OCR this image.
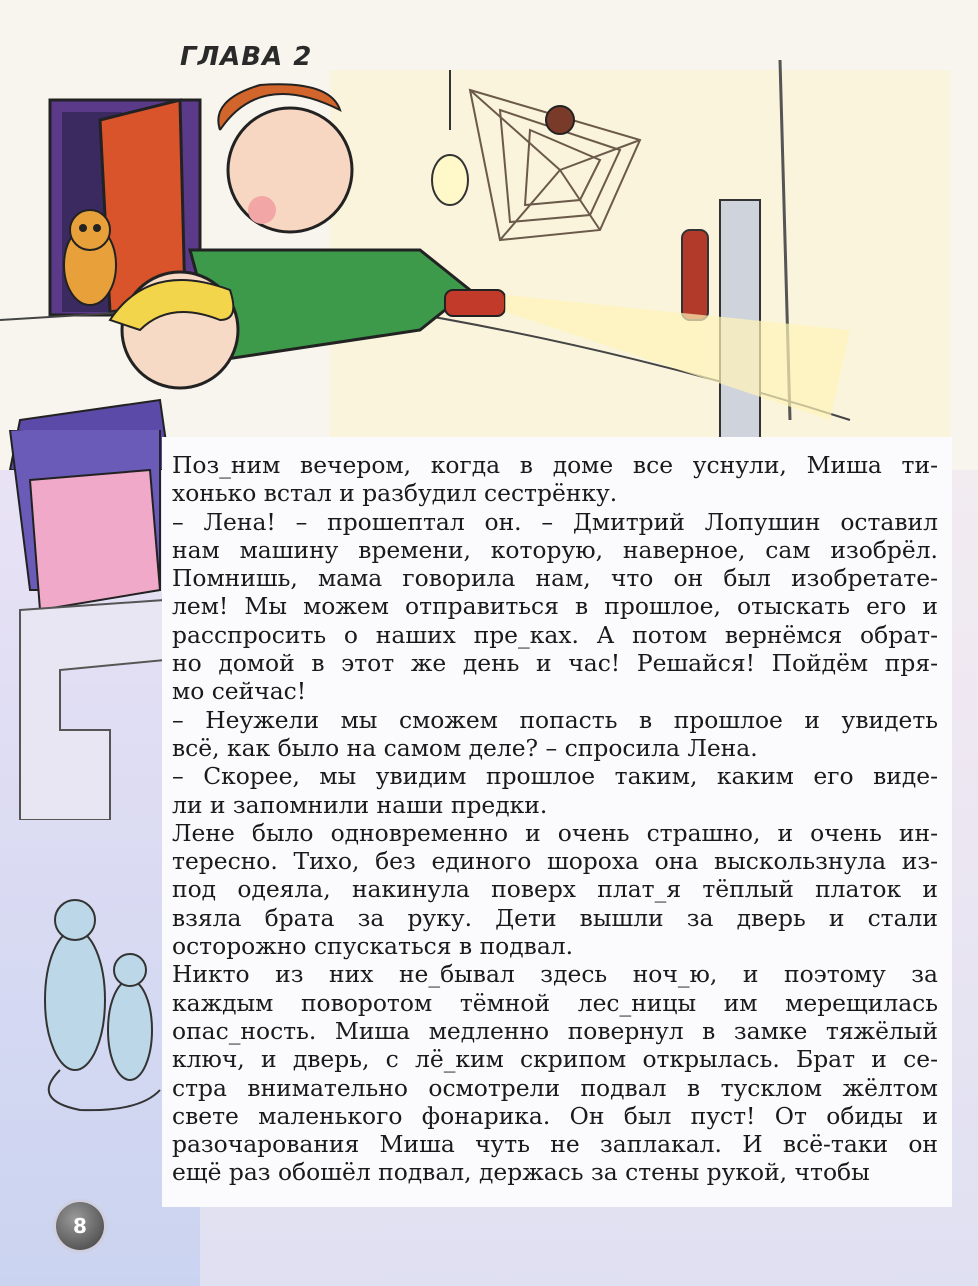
ГЛАВА 2
Поз_ним вечером, когда в доме все уснули, Миша ти-
хонько встал и разбудил сестрёнку.
– Лена! – прошептал он. – Дмитрий Лопушин оставил
нам машину времени, которую, наверное, сам изобрёл.
Помнишь, мама говорила нам, что он был изобретате-
лем! Мы можем отправиться в прошлое, отыскать его и
расспросить о наших пре_ках. А потом вернёмся обрат-
но домой в этот же день и час! Решайся! Пойдём пря-
мо сейчас!
– Неужели мы сможем попасть в прошлое и увидеть
всё, как было на самом деле? – спросила Лена.
– Скорее, мы увидим прошлое таким, каким его виде-
ли и запомнили наши предки.
Лене было одновременно и очень страшно, и очень ин-
тересно. Тихо, без единого шороха она выскользнула из-
под одеяла, накинула поверх плат_я тёплый платок и
взяла брата за руку. Дети вышли за дверь и стали
осторожно спускаться в подвал.
Никто из них не_бывал здесь ноч_ю, и поэтому за
каждым поворотом тёмной лес_ницы им мерещилась
опас_ность. Миша медленно повернул в замке тяжёлый
ключ, и дверь, с лё_ким скрипом открылась. Брат и се-
стра внимательно осмотрели подвал в тусклом жёлтом
свете маленького фонарика. Он был пуст! От обиды и
разочарования Миша чуть не заплакал. И всё-таки он
ещё раз обошёл подвал, держась за стены рукой, чтобы
8
